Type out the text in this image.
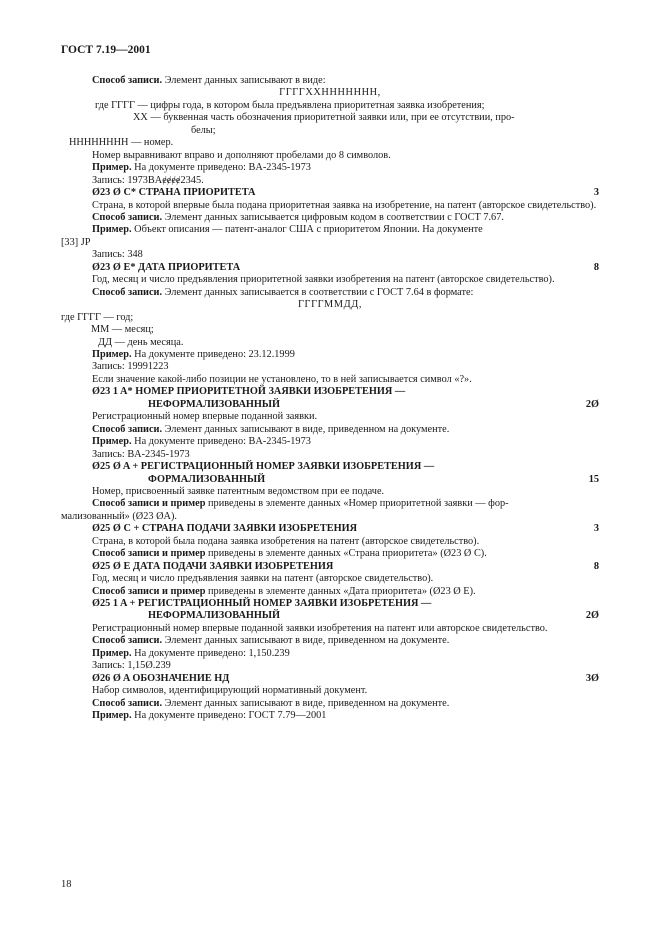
ГОСТ 7.19—2001

Способ записи. Элемент данных записывают в виде:

ГГГГХХННННННН,

где ГГГГ — цифры года, в котором была предъявлена приоритетная заявка изобретения;

ХХ — буквенная часть обозначения приоритетной заявки или, при ее отсутствии, про-

белы;

НННННННН — номер.

Номер выравнивают вправо и дополняют пробелами до 8 символов.

Пример. На документе приведено: BA-2345-1973

Запись: 1973BAɇɇɇɇ2345.

Ø23 Ø C* СТРАНА ПРИОРИТЕТА	3

Страна, в которой впервые была подана приоритетная заявка на изобретение, на патент (авторское свидетельство).

Способ записи. Элемент данных записывается цифровым кодом в соответствии с ГОСТ 7.67.

Пример. Объект описания — патент-аналог США с приоритетом Японии. На документе

[33] JP

Запись: 348

Ø23 Ø E* ДАТА ПРИОРИТЕТА	8

Год, месяц и число предъявления приоритетной заявки изобретения на патент (авторское свидетельство).

Способ записи. Элемент данных записывается в соответствии с ГОСТ 7.64 в формате:

ГГГГММДД,

где ГГГГ — год;

ММ — месяц;

ДД — день месяца.

Пример. На документе приведено: 23.12.1999

Запись: 19991223

Если значение какой-либо позиции не установлено, то в ней записывается символ «?».

Ø23 1 A* НОМЕР ПРИОРИТЕТНОЙ ЗАЯВКИ ИЗОБРЕТЕНИЯ —
НЕФОРМАЛИЗОВАННЫЙ	2Ø

Регистрационный номер впервые поданной заявки.

Способ записи. Элемент данных записывают в виде, приведенном на документе.

Пример. На документе приведено: BA-2345-1973

Запись: BA-2345-1973

Ø25 Ø A + РЕГИСТРАЦИОННЫЙ НОМЕР ЗАЯВКИ ИЗОБРЕТЕНИЯ —
ФОРМАЛИЗОВАННЫЙ	15

Номер, присвоенный заявке патентным ведомством при ее подаче.

Способ записи и пример приведены в элементе данных «Номер приоритетной заявки — фор-

мализованный» (Ø23 ØA).

Ø25 Ø C + СТРАНА ПОДАЧИ ЗАЯВКИ ИЗОБРЕТЕНИЯ	3

Страна, в которой была подана заявка изобретения на патент (авторское свидетельство).

Способ записи и пример приведены в элементе данных «Страна приоритета» (Ø23 Ø C).

Ø25 Ø E ДАТА ПОДАЧИ ЗАЯВКИ ИЗОБРЕТЕНИЯ	8

Год, месяц и число предъявления заявки на патент (авторское свидетельство).

Способ записи и пример приведены в элементе данных «Дата приоритета» (Ø23 Ø E).

Ø25 1 A + РЕГИСТРАЦИОННЫЙ НОМЕР ЗАЯВКИ ИЗОБРЕТЕНИЯ —
НЕФОРМАЛИЗОВАННЫЙ	2Ø

Регистрационный номер впервые поданной заявки изобретения на патент или авторское свидетельство.

Способ записи. Элемент данных записывают в виде, приведенном на документе.

Пример. На документе приведено: 1,150.239

Запись: 1,15Ø.239

Ø26 Ø A ОБОЗНАЧЕНИЕ НД	3Ø

Набор символов, идентифицирующий нормативный документ.

Способ записи. Элемент данных записывают в виде, приведенном на документе.

Пример. На документе приведено: ГОСТ 7.79—2001

18
